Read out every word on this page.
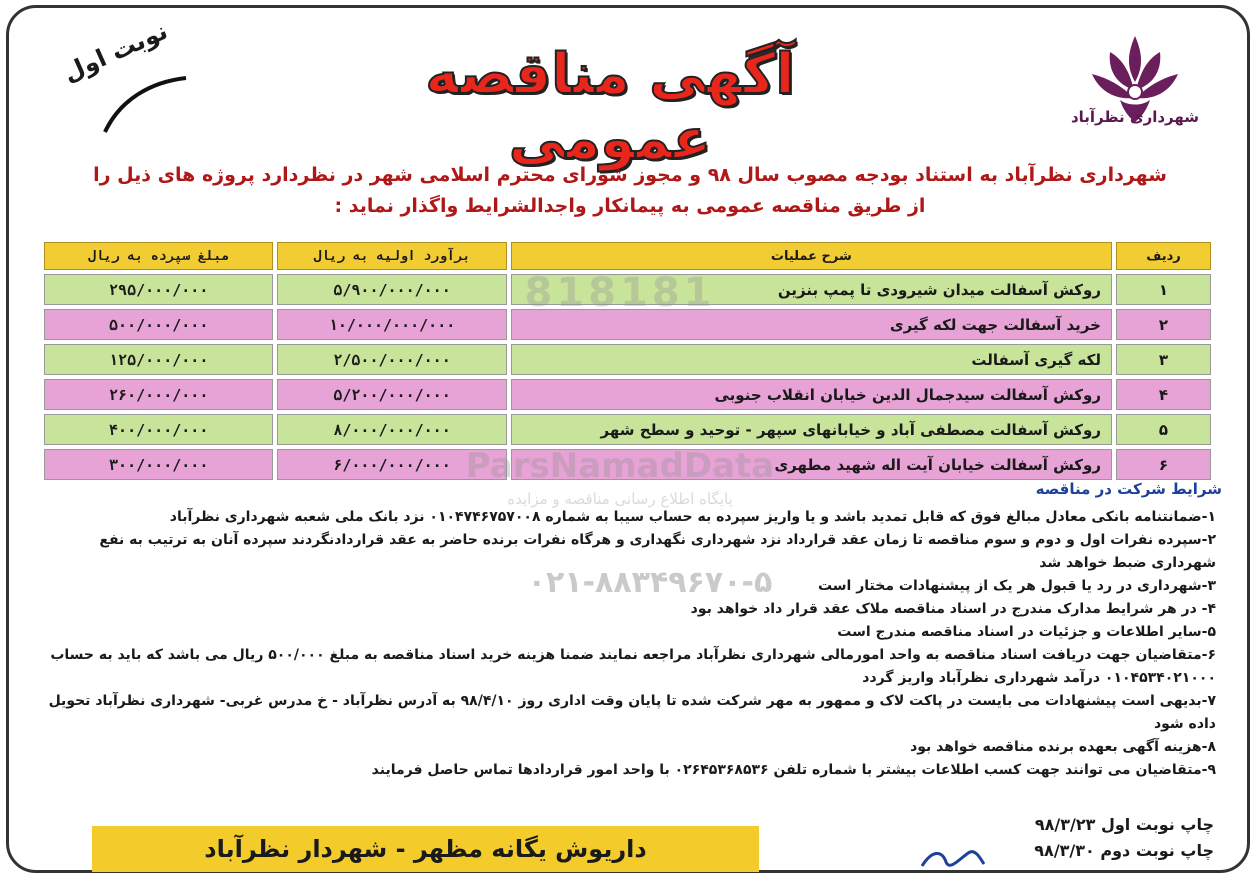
نوبت اول	آگهی مناقصه عمومی	شهرداری نظرآباد
شهرداری نظرآباد به استناد بودجه مصوب سال ۹۸ و مجوز شورای محترم اسلامی شهر در نظردارد پروژه های ذیل را
از طریق مناقصه عمومی به پیمانکار واجدالشرایط واگذار نماید :
ردیف	شرح عملیات	برآورد اولیه به ریال	مبلغ سپرده به ریال
۱	روکش آسفالت میدان شیرودی تا پمپ بنزین	۵/۹۰۰/۰۰۰/۰۰۰	۲۹۵/۰۰۰/۰۰۰
۲	خرید آسفالت جهت لکه گیری	۱۰/۰۰۰/۰۰۰/۰۰۰	۵۰۰/۰۰۰/۰۰۰
۳	لکه گیری آسفالت	۲/۵۰۰/۰۰۰/۰۰۰	۱۲۵/۰۰۰/۰۰۰
۴	روکش آسفالت سیدجمال الدین خیابان انقلاب جنوبی	۵/۲۰۰/۰۰۰/۰۰۰	۲۶۰/۰۰۰/۰۰۰
۵	روکش آسفالت مصطفی آباد و خیابانهای سپهر - توحید و سطح شهر	۸/۰۰۰/۰۰۰/۰۰۰	۴۰۰/۰۰۰/۰۰۰
۶	روکش آسفالت خیابان آیت اله شهید مطهری	۶/۰۰۰/۰۰۰/۰۰۰	۳۰۰/۰۰۰/۰۰۰
818181
ParsNamadData
پایگاه اطلاع رسانی مناقصه و مزایده
۰۲۱-۸۸۳۴۹۶۷۰-۵
شرایط شرکت در مناقصه
۱-ضمانتنامه بانکی معادل مبالغ فوق که قابل تمدید باشد و یا واریز سپرده به حساب سیبا به شماره ۰۱۰۴۷۴۶۷۵۷۰۰۸ نزد بانک ملی شعبه شهرداری نظرآباد
۲-سپرده نفرات اول و دوم و سوم مناقصه تا زمان عقد قرارداد نزد شهرداری نگهداری و هرگاه نفرات برنده حاضر به عقد قراردادنگردند سپرده آنان به ترتیب به نفع شهرداری ضبط خواهد شد
۳-شهرداری در رد یا قبول هر یک از پیشنهادات مختار است
۴- در هر شرایط مدارک مندرج در اسناد مناقصه ملاک عقد قرار داد خواهد بود
۵-سایر اطلاعات و جزئیات در اسناد مناقصه مندرج است
۶-متقاضیان جهت دریافت اسناد مناقصه به واحد امورمالی شهرداری نظرآباد مراجعه نمایند ضمنا هزینه خرید اسناد مناقصه به مبلغ ۵۰۰/۰۰۰ ریال می باشد که باید به حساب ۰۱۰۴۵۳۴۰۲۱۰۰۰ درآمد شهرداری نظرآباد واریز گردد
۷-بدیهی است پیشنهادات می بایست در پاکت لاک و ممهور به مهر شرکت شده تا پایان وقت اداری روز ۹۸/۴/۱۰ به آدرس نظرآباد - خ مدرس غربی- شهرداری نظرآباد تحویل داده شود
۸-هزینه آگهی بعهده برنده مناقصه خواهد بود
۹-متقاضیان می توانند جهت کسب اطلاعات بیشتر با شماره تلفن ۰۲۶۴۵۳۶۸۵۳۶ با واحد امور قراردادها تماس حاصل فرمایند
چاپ نوبت اول ۹۸/۳/۲۳
چاپ نوبت دوم ۹۸/۳/۳۰
داریوش یگانه مظهر - شهردار نظرآباد
